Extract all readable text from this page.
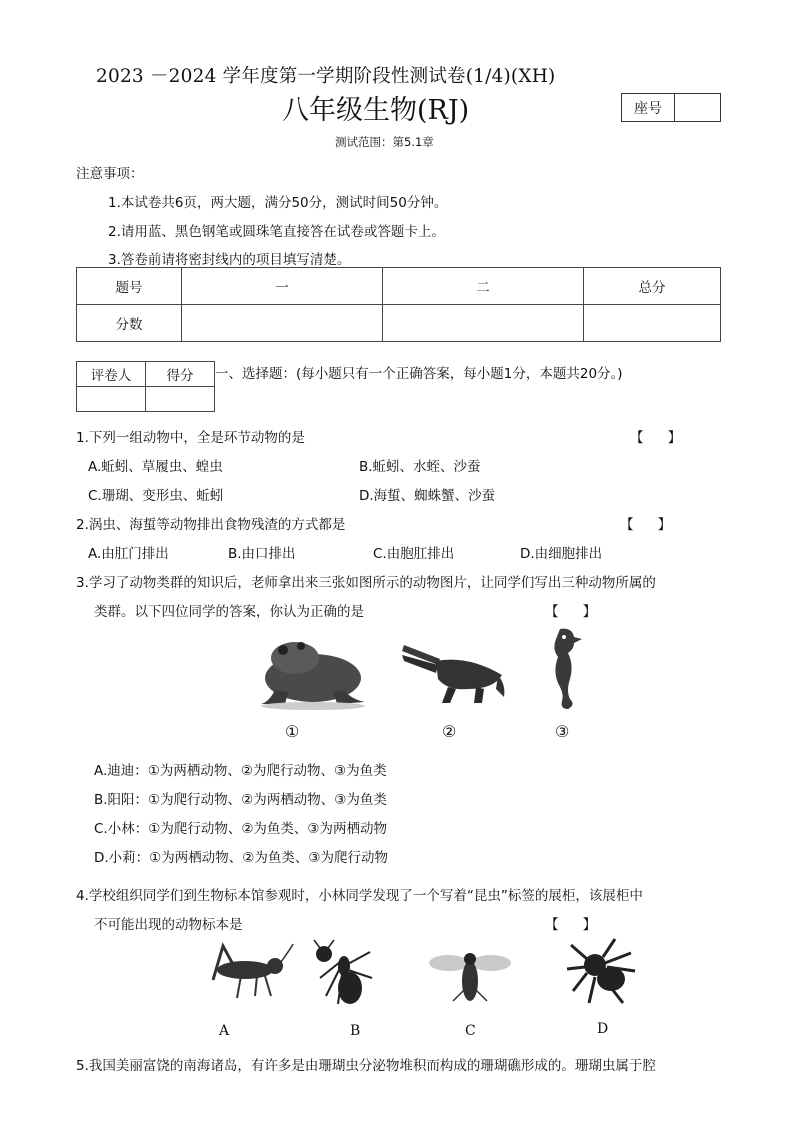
2023 －2024 学年度第一学期阶段性测试卷(1/4)(XH)
八年级生物(RJ)	座号
测试范围：第5.1章
注意事项：
1.本试卷共6页，两大题，满分50分，测试时间50分钟。
2.请用蓝、黑色钢笔或圆珠笔直接答在试卷或答题卡上。
3.答卷前请将密封线内的项目填写清楚。
题号	一	二	总分
分数			
评卷人	得分
	一、选择题：(每小题只有一个正确答案，每小题1分，本题共20分。)
1.下列一组动物中，全是环节动物的是	【 】
A.蚯蚓、草履虫、蝗虫	B.蚯蚓、水蛭、沙蚕
C.珊瑚、变形虫、蚯蚓	D.海蜇、蜘蛛蟹、沙蚕
2.涡虫、海蜇等动物排出食物残渣的方式都是	【 】
A.由肛门排出	B.由口排出	C.由胞肛排出	D.由细胞排出
3.学习了动物类群的知识后，老师拿出来三张如图所示的动物图片，让同学们写出三种动物所属的
类群。以下四位同学的答案，你认为正确的是	【 】
①	②	③
A.迪迪：①为两栖动物、②为爬行动物、③为鱼类
B.阳阳：①为爬行动物、②为两栖动物、③为鱼类
C.小林：①为爬行动物、②为鱼类、③为两栖动物
D.小莉：①为两栖动物、②为鱼类、③为爬行动物
4.学校组织同学们到生物标本馆参观时，小林同学发现了一个写着“昆虫”标签的展柜，该展柜中
不可能出现的动物标本是	【 】
A	B	C	D
5.我国美丽富饶的南海诸岛，有许多是由珊瑚虫分泌物堆积而构成的珊瑚礁形成的。珊瑚虫属于腔
